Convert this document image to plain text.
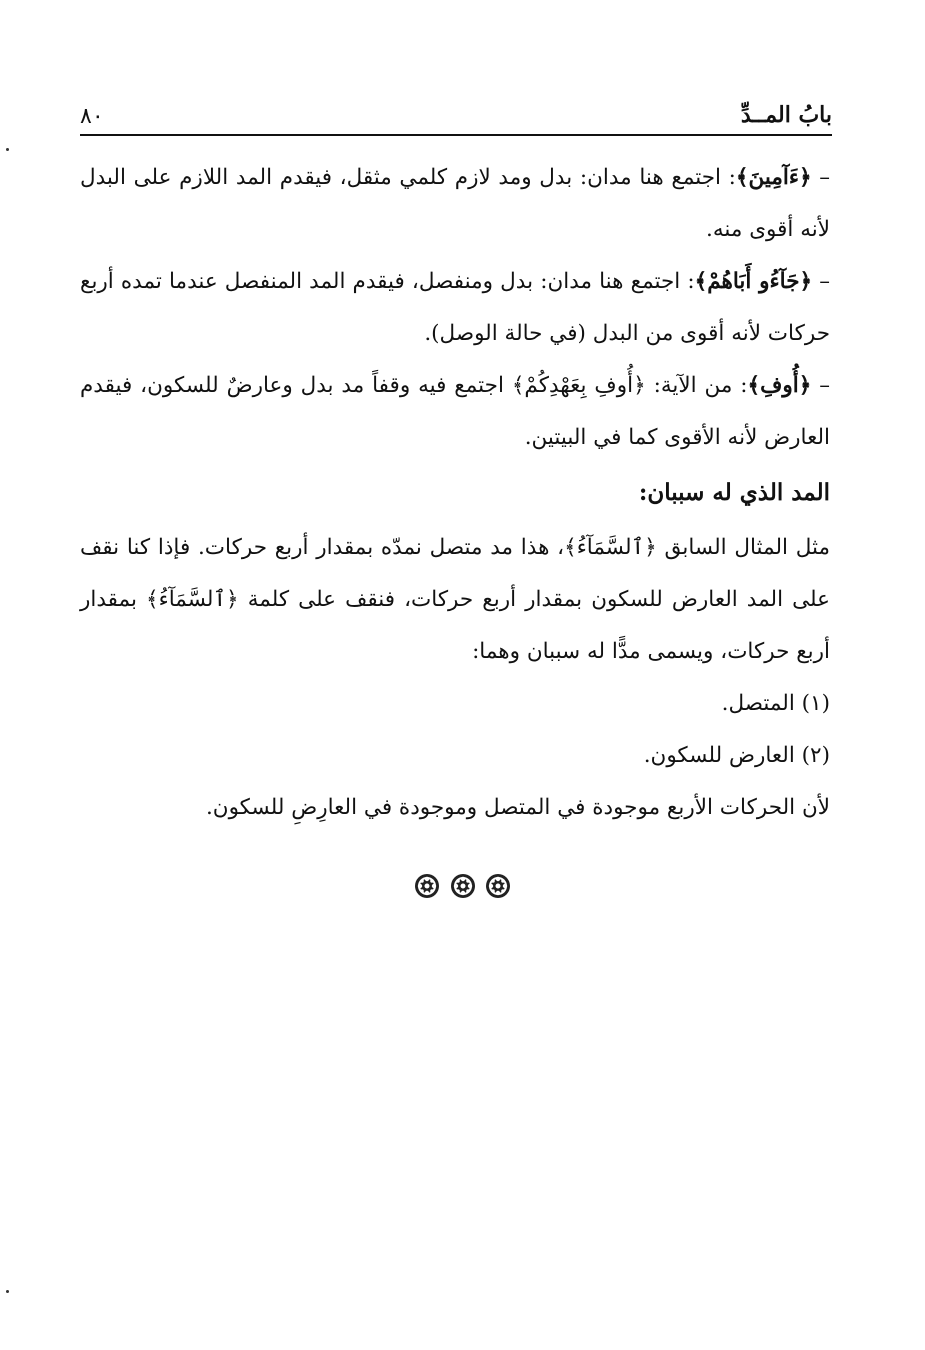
٨٠	بابُ المــدِّ

– ﴿ءَآمِينَ﴾: اجتمع هنا مدان: بدل ومد لازم كلمي مثقل، فيقدم المد اللازم على البدل لأنه أقوى منه.

– ﴿جَآءُو أَبَاهُمْ﴾: اجتمع هنا مدان: بدل ومنفصل، فيقدم المد المنفصل عندما تمده أربع حركات لأنه أقوى من البدل (في حالة الوصل).

– ﴿أُوفِ﴾: من الآية: ﴿أُوفِ بِعَهْدِكُمْ﴾ اجتمع فيه وقفاً مد بدل وعارضٌ للسكون، فيقدم العارض لأنه الأقوى كما في البيتين.

المد الذي له سببان:

مثل المثال السابق ﴿ٱلسَّمَآءُ﴾، هذا مد متصل نمدّه بمقدار أربع حركات. فإذا كنا نقف على المد العارض للسكون بمقدار أربع حركات، فنقف على كلمة ﴿ٱلسَّمَآءُ﴾ بمقدار أربع حركات، ويسمى مدًّا له سببان وهما:

(١) المتصل.

(٢) العارض للسكون.

لأن الحركات الأربع موجودة في المتصل وموجودة في العارِضِ للسكون.
